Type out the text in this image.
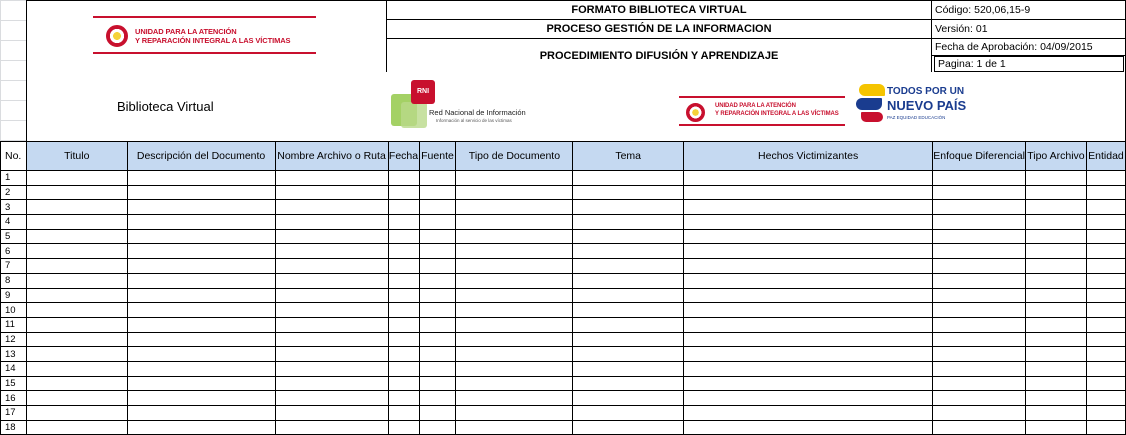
UNIDAD PARA LA ATENCIÓN
Y REPARACIÓN INTEGRAL A LAS VÍCTIMAS
FORMATO BIBLIOTECA VIRTUAL
PROCESO GESTIÓN DE LA INFORMACION
PROCEDIMIENTO DIFUSIÓN Y APRENDIZAJE
Código: 520,06,15-9
Versión: 01
Fecha de Aprobación: 04/09/2015
Pagina: 1 de 1
Biblioteca Virtual
RNI
Red Nacional de Información
Información al servicio de las víctimas
UNIDAD PARA LA ATENCIÓN
Y REPARACIÓN INTEGRAL A LAS VÍCTIMAS
TODOS POR UN
NUEVO PAÍS
PAZ EQUIDAD EDUCACIÓN
No.	Titulo	Descripción del Documento	Nombre Archivo o Ruta	Fecha	Fuente	Tipo de Documento	Tema	Hechos Victimizantes	Enfoque Diferencial	Tipo Archivo	Entidad
1											
2											
3											
4											
5											
6											
7											
8											
9											
10											
11											
12											
13											
14											
15											
16											
17											
18											
